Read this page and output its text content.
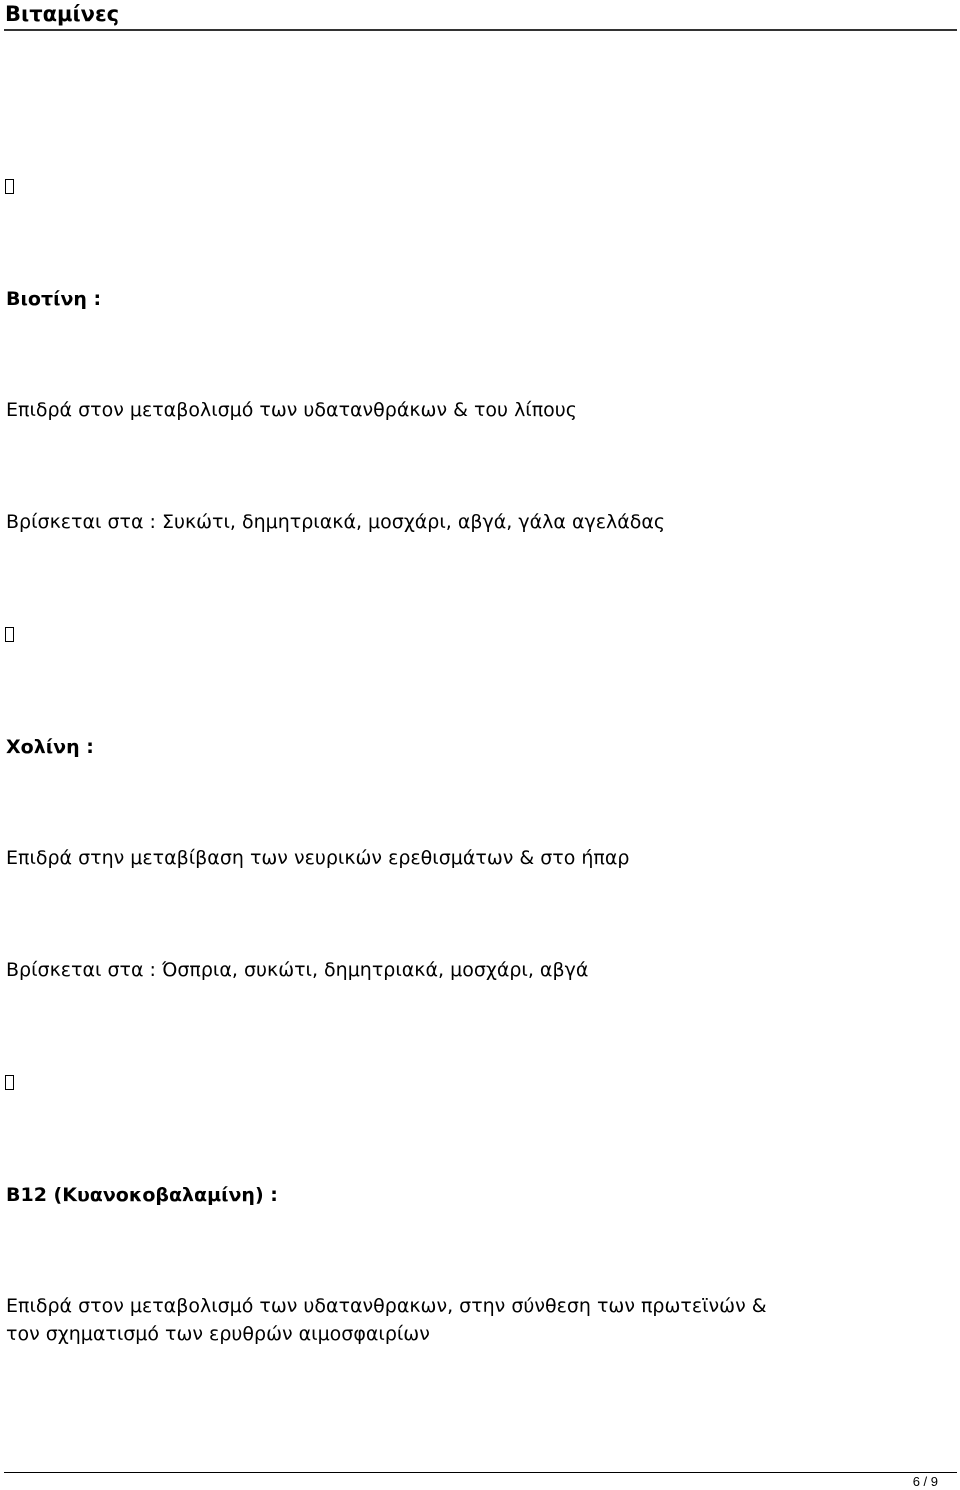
Βιταμίνες
Βιοτίνη :
Επιδρά στον μεταβολισμό των υδατανθράκων & του λίπους
Βρίσκεται στα : Συκώτι, δημητριακά, μοσχάρι, αβγά, γάλα αγελάδας
Χολίνη :
Επιδρά στην μεταβίβαση των νευρικών ερεθισμάτων & στο ήπαρ
Βρίσκεται στα : Όσπρια, συκώτι, δημητριακά, μοσχάρι, αβγά
B12 (Κυανοκοβαλαμίνη) :
Επιδρά στον μεταβολισμό των υδατανθρακων, στην σύνθεση των πρωτεϊνών &
τον σχηματισμό των ερυθρών αιμοσφαιρίων
6 / 9
